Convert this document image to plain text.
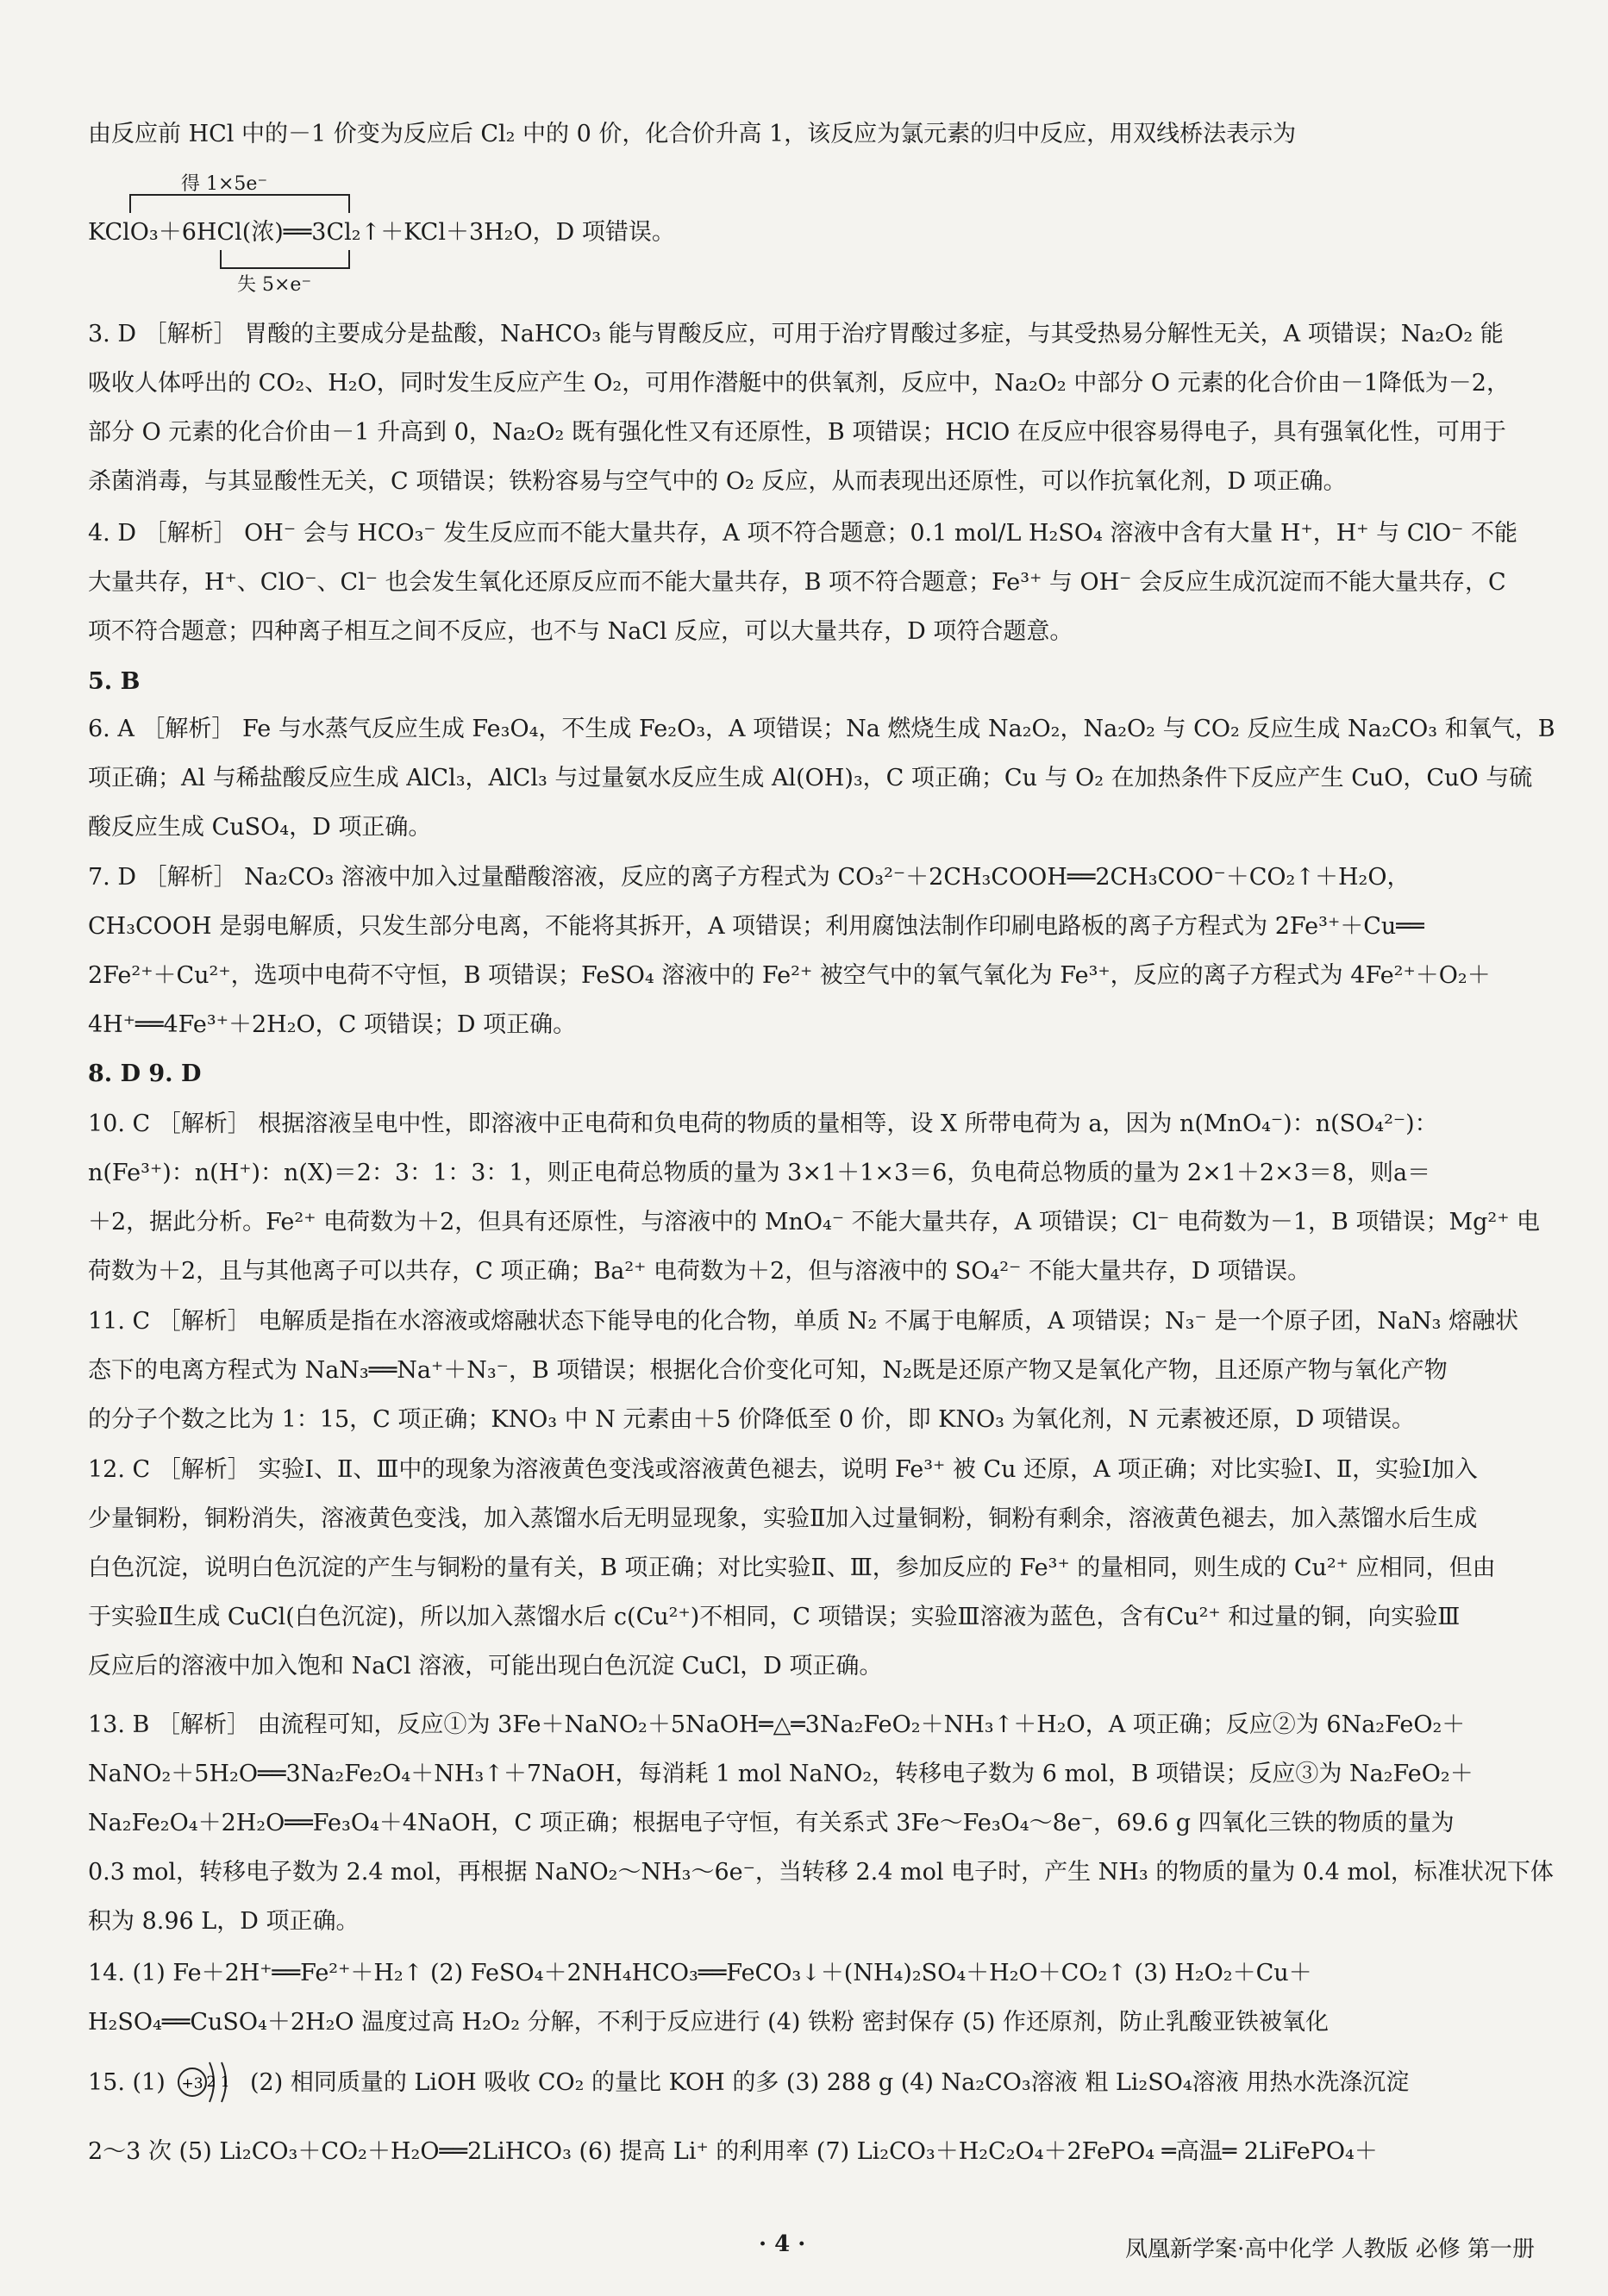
由反应前 HCl 中的－1 价变为反应后 Cl₂ 中的 0 价，化合价升高 1，该反应为氯元素的归中反应，用双线桥法表示为
得 1×5e⁻
KClO₃＋6HCl(浓)══3Cl₂↑＋KCl＋3H₂O，D 项错误。
失 5×e⁻
3. D ［解析］ 胃酸的主要成分是盐酸，NaHCO₃ 能与胃酸反应，可用于治疗胃酸过多症，与其受热易分解性无关，A 项错误；Na₂O₂ 能
吸收人体呼出的 CO₂、H₂O，同时发生反应产生 O₂，可用作潜艇中的供氧剂，反应中，Na₂O₂ 中部分 O 元素的化合价由－1降低为－2，
部分 O 元素的化合价由－1 升高到 0，Na₂O₂ 既有强化性又有还原性，B 项错误；HClO 在反应中很容易得电子，具有强氧化性，可用于
杀菌消毒，与其显酸性无关，C 项错误；铁粉容易与空气中的 O₂ 反应，从而表现出还原性，可以作抗氧化剂，D 项正确。
4. D ［解析］ OH⁻ 会与 HCO₃⁻ 发生反应而不能大量共存，A 项不符合题意；0.1 mol/L H₂SO₄ 溶液中含有大量 H⁺，H⁺ 与 ClO⁻ 不能
大量共存，H⁺、ClO⁻、Cl⁻ 也会发生氧化还原反应而不能大量共存，B 项不符合题意；Fe³⁺ 与 OH⁻ 会反应生成沉淀而不能大量共存，C
项不符合题意；四种离子相互之间不反应，也不与 NaCl 反应，可以大量共存，D 项符合题意。
5. B
6. A ［解析］ Fe 与水蒸气反应生成 Fe₃O₄，不生成 Fe₂O₃，A 项错误；Na 燃烧生成 Na₂O₂，Na₂O₂ 与 CO₂ 反应生成 Na₂CO₃ 和氧气，B
项正确；Al 与稀盐酸反应生成 AlCl₃，AlCl₃ 与过量氨水反应生成 Al(OH)₃，C 项正确；Cu 与 O₂ 在加热条件下反应产生 CuO，CuO 与硫
酸反应生成 CuSO₄，D 项正确。
7. D ［解析］ Na₂CO₃ 溶液中加入过量醋酸溶液，反应的离子方程式为 CO₃²⁻＋2CH₃COOH══2CH₃COO⁻＋CO₂↑＋H₂O，
CH₃COOH 是弱电解质，只发生部分电离，不能将其拆开，A 项错误；利用腐蚀法制作印刷电路板的离子方程式为 2Fe³⁺＋Cu══
2Fe²⁺＋Cu²⁺，选项中电荷不守恒，B 项错误；FeSO₄ 溶液中的 Fe²⁺ 被空气中的氧气氧化为 Fe³⁺，反应的离子方程式为 4Fe²⁺＋O₂＋
4H⁺══4Fe³⁺＋2H₂O，C 项错误；D 项正确。
8. D 9. D
10. C ［解析］ 根据溶液呈电中性，即溶液中正电荷和负电荷的物质的量相等，设 X 所带电荷为 a，因为 n(MnO₄⁻)：n(SO₄²⁻)：
n(Fe³⁺)：n(H⁺)：n(X)＝2：3：1：3：1，则正电荷总物质的量为 3×1＋1×3＝6，负电荷总物质的量为 2×1＋2×3＝8，则a＝
＋2，据此分析。Fe²⁺ 电荷数为＋2，但具有还原性，与溶液中的 MnO₄⁻ 不能大量共存，A 项错误；Cl⁻ 电荷数为－1，B 项错误；Mg²⁺ 电
荷数为＋2，且与其他离子可以共存，C 项正确；Ba²⁺ 电荷数为＋2，但与溶液中的 SO₄²⁻ 不能大量共存，D 项错误。
11. C ［解析］ 电解质是指在水溶液或熔融状态下能导电的化合物，单质 N₂ 不属于电解质，A 项错误；N₃⁻ 是一个原子团，NaN₃ 熔融状
态下的电离方程式为 NaN₃══Na⁺＋N₃⁻，B 项错误；根据化合价变化可知，N₂既是还原产物又是氧化产物，且还原产物与氧化产物
的分子个数之比为 1：15，C 项正确；KNO₃ 中 N 元素由＋5 价降低至 0 价，即 KNO₃ 为氧化剂，N 元素被还原，D 项错误。
12. C ［解析］ 实验Ⅰ、Ⅱ、Ⅲ中的现象为溶液黄色变浅或溶液黄色褪去，说明 Fe³⁺ 被 Cu 还原，A 项正确；对比实验Ⅰ、Ⅱ，实验Ⅰ加入
少量铜粉，铜粉消失，溶液黄色变浅，加入蒸馏水后无明显现象，实验Ⅱ加入过量铜粉，铜粉有剩余，溶液黄色褪去，加入蒸馏水后生成
白色沉淀，说明白色沉淀的产生与铜粉的量有关，B 项正确；对比实验Ⅱ、Ⅲ，参加反应的 Fe³⁺ 的量相同，则生成的 Cu²⁺ 应相同，但由
于实验Ⅱ生成 CuCl(白色沉淀)，所以加入蒸馏水后 c(Cu²⁺)不相同，C 项错误；实验Ⅲ溶液为蓝色，含有Cu²⁺ 和过量的铜，向实验Ⅲ
反应后的溶液中加入饱和 NaCl 溶液，可能出现白色沉淀 CuCl，D 项正确。
13. B ［解析］ 由流程可知，反应①为 3Fe＋NaNO₂＋5NaOH═△═3Na₂FeO₂＋NH₃↑＋H₂O，A 项正确；反应②为 6Na₂FeO₂＋
NaNO₂＋5H₂O══3Na₂Fe₂O₄＋NH₃↑＋7NaOH，每消耗 1 mol NaNO₂，转移电子数为 6 mol，B 项错误；反应③为 Na₂FeO₂＋
Na₂Fe₂O₄＋2H₂O══Fe₃O₄＋4NaOH，C 项正确；根据电子守恒，有关系式 3Fe～Fe₃O₄～8e⁻，69.6 g 四氧化三铁的物质的量为
0.3 mol，转移电子数为 2.4 mol，再根据 NaNO₂～NH₃～6e⁻，当转移 2.4 mol 电子时，产生 NH₃ 的物质的量为 0.4 mol，标准状况下体
积为 8.96 L，D 项正确。
14. (1) Fe＋2H⁺══Fe²⁺＋H₂↑ (2) FeSO₄＋2NH₄HCO₃══FeCO₃↓＋(NH₄)₂SO₄＋H₂O＋CO₂↑ (3) H₂O₂＋Cu＋
H₂SO₄══CuSO₄＋2H₂O 温度过高 H₂O₂ 分解，不利于反应进行 (4) 铁粉 密封保存 (5) 作还原剂，防止乳酸亚铁被氧化
15. (1) +3 2 1 (2) 相同质量的 LiOH 吸收 CO₂ 的量比 KOH 的多 (3) 288 g (4) Na₂CO₃溶液 粗 Li₂SO₄溶液 用热水洗涤沉淀
2～3 次 (5) Li₂CO₃＋CO₂＋H₂O══2LiHCO₃ (6) 提高 Li⁺ 的利用率 (7) Li₂CO₃＋H₂C₂O₄＋2FePO₄ ═高温═ 2LiFePO₄＋
· 4 ·	凤凰新学案·高中化学 人教版 必修 第一册
